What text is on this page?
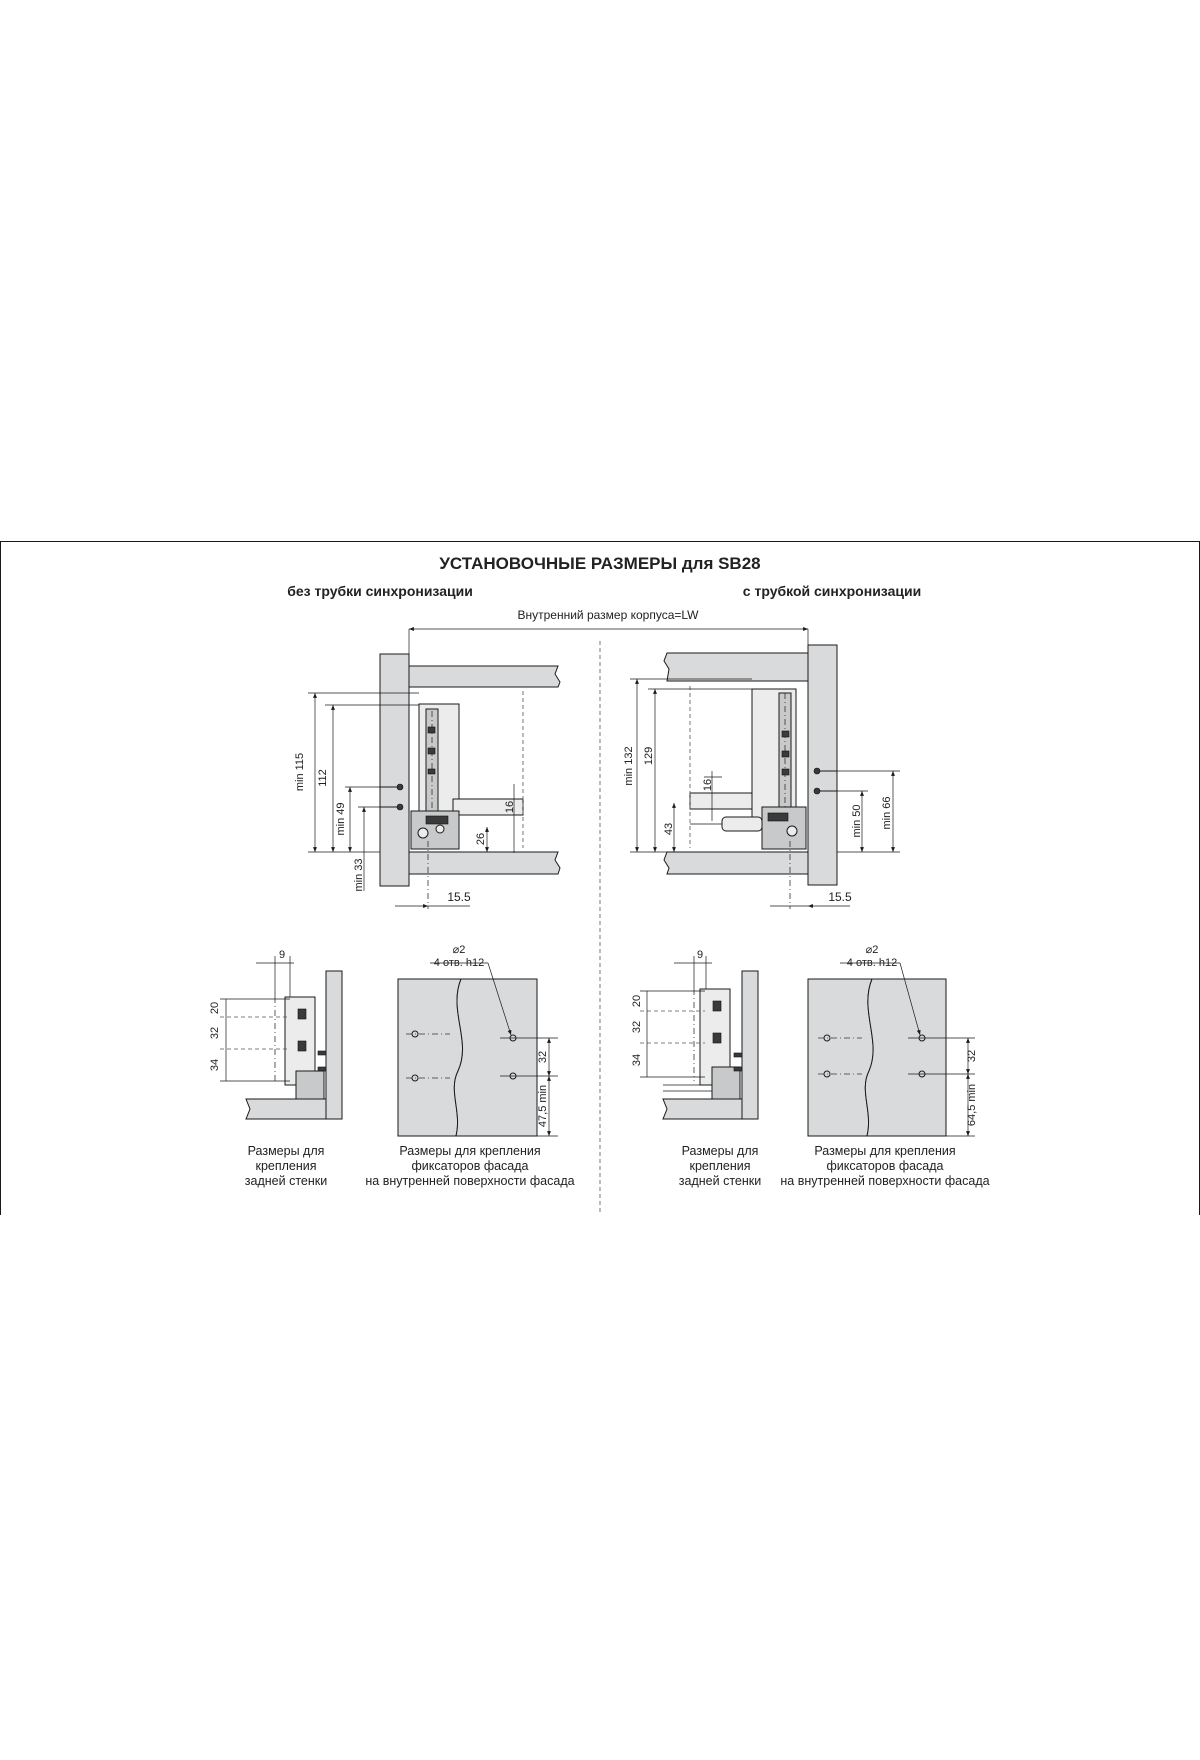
УСТАНОВОЧНЫЕ РАЗМЕРЫ для SB28
без трубки синхронизации	с трубкой синхронизации
Внутренний размер корпуса=LW
min 115 112
min 49
min 33
16
26
15.5
min 132 129
43
16
min 50 min 66
15.5
20
32
34
9
Размеры для
крепления
задней стенки
32
47,5 min
⌀2
4 отв. h12
Размеры для крепления
фиксаторов фасада
на внутренней поверхности фасада
20
32
34
9
Размеры для
крепления
задней стенки
32
64,5 min
⌀2
4 отв. h12
Размеры для крепления
фиксаторов фасада
на внутренней поверхности фасада
